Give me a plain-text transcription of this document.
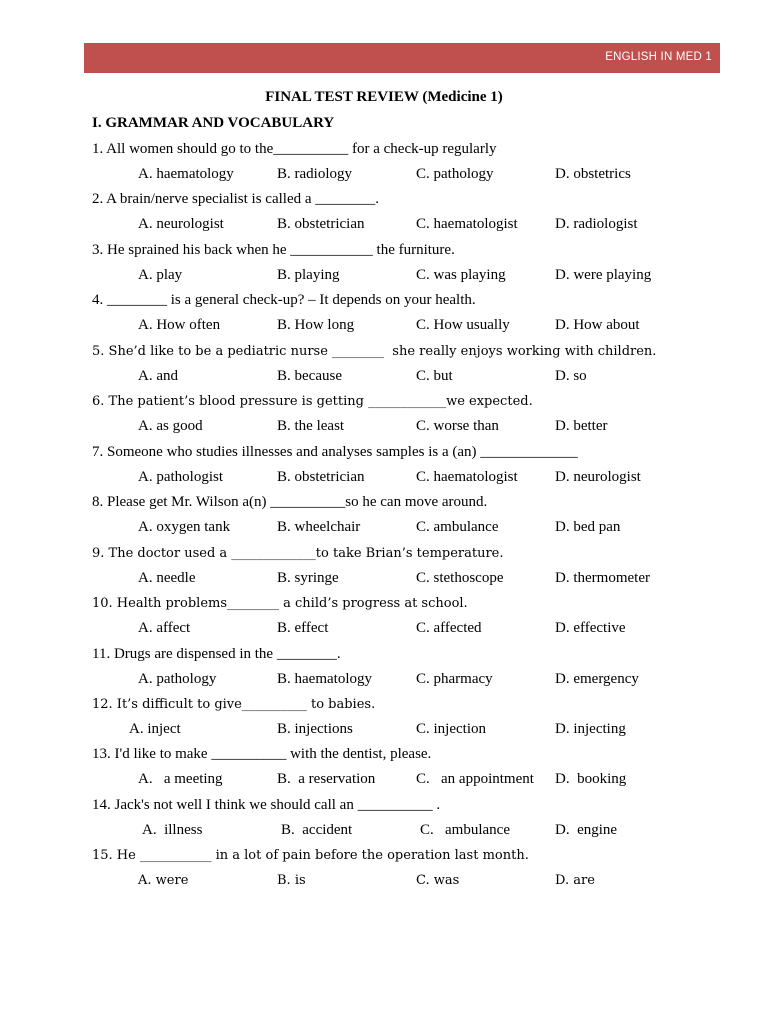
ENGLISH IN MED 1
FINAL TEST REVIEW (Medicine 1)
I. GRAMMAR AND VOCABULARY
1. All women should go to the__________ for a check-up regularly
A. haematology	B. radiology	C. pathology	D. obstetrics
2. A brain/nerve specialist is called a ________.
A. neurologist	B. obstetrician	C. haematologist D. radiologist
3. He sprained his back when he ___________ the furniture.
A. play	B. playing	C. was playing	D. were playing
4. ________ is a general check-up? – It depends on your health.
A. How often	B. How long	C. How usually	D. How about
5. She’d like to be a pediatric nurse ________  she really enjoys working with children.
A. and	B. because	C. but	D. so
6. The patient’s blood pressure is getting ____________we expected.
A. as good	B. the least	C. worse than	D. better
7. Someone who studies illnesses and analyses samples is a (an) _____________
A. pathologist	B. obstetrician	C. haematologist D. neurologist
8. Please get Mr. Wilson a(n) __________so he can move around.
A. oxygen tank	B. wheelchair	C. ambulance	D. bed pan
9. The doctor used a _____________to take Brian’s temperature.
A. needle	B. syringe	C. stethoscope	D. thermometer
10. Health problems________ a child’s progress at school.
A. affect	B. effect	C. affected	D. effective
11. Drugs are dispensed in the ________.
A. pathology	B. haematology	C. pharmacy	D. emergency
12. It’s difficult to give__________ to babies.
A. inject	B. injections	C. injection	D. injecting
13. I'd like to make __________ with the dentist, please.
A.   a meeting	B.  a reservation	C.   an appointment D.  booking
14. Jack's not well I think we should call an __________ .
A.  illness	B.  accident	C.   ambulance	D.  engine
15. He ___________ in a lot of pain before the operation last month.
A. were	B. is	C. was	D. are
